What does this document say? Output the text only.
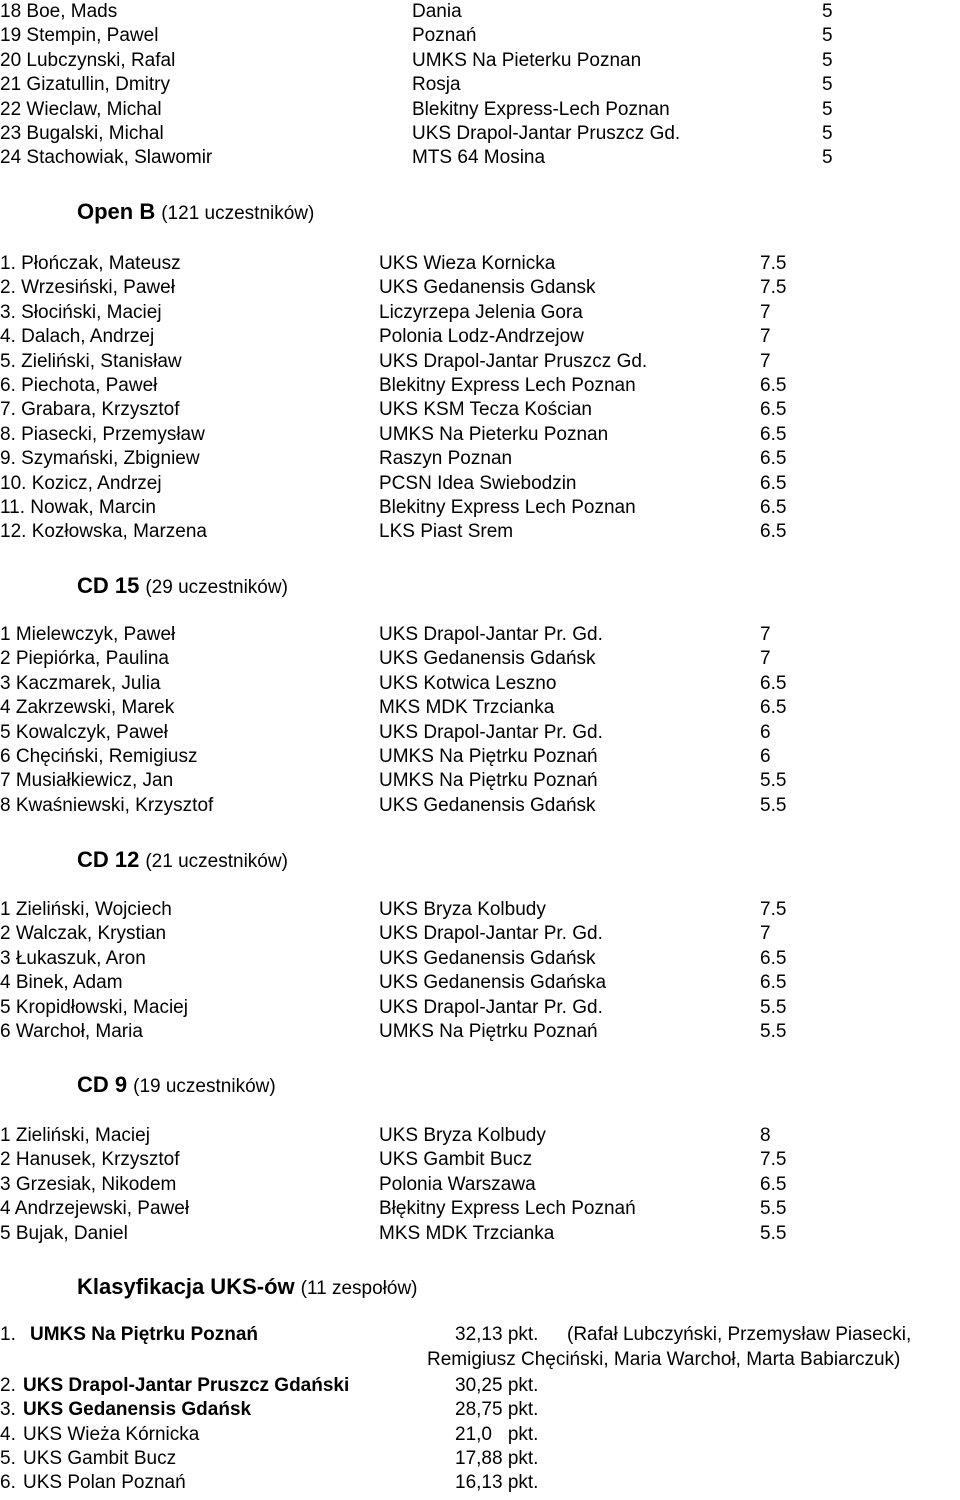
18 Boe, Mads	Dania	5
19 Stempin, Pawel	Poznań	5
20 Lubczynski, Rafal	UMKS Na Pieterku Poznan	5
21 Gizatullin, Dmitry	Rosja	5
22 Wieclaw, Michal	Blekitny Express-Lech Poznan	5
23 Bugalski, Michal	UKS Drapol-Jantar Pruszcz Gd.	5
24 Stachowiak, Slawomir	MTS 64 Mosina	5
Open B (121 uczestników)
1. Płończak, Mateusz	UKS Wieza Kornicka	7.5
2. Wrzesiński, Paweł	UKS Gedanensis Gdansk	7.5
3. Słociński, Maciej	Liczyrzepa Jelenia Gora	7
4. Dalach, Andrzej	Polonia Lodz-Andrzejow	7
5. Zieliński, Stanisław	UKS Drapol-Jantar Pruszcz Gd.	7
6. Piechota, Paweł	Blekitny Express Lech Poznan	6.5
7. Grabara, Krzysztof	UKS KSM Tecza Kościan	6.5
8. Piasecki, Przemysław	UMKS Na Pieterku Poznan	6.5
9. Szymański, Zbigniew	Raszyn Poznan	6.5
10. Kozicz, Andrzej	PCSN Idea Swiebodzin	6.5
11. Nowak, Marcin	Blekitny Express Lech Poznan	6.5
12. Kozłowska, Marzena	LKS Piast Srem	6.5
CD 15 (29 uczestników)
1 Mielewczyk, Paweł	UKS Drapol-Jantar Pr. Gd.	7
2 Piepiórka, Paulina	UKS Gedanensis Gdańsk	7
3 Kaczmarek, Julia	UKS Kotwica Leszno	6.5
4 Zakrzewski, Marek	MKS MDK Trzcianka	6.5
5 Kowalczyk, Paweł	UKS Drapol-Jantar Pr. Gd.	6
6 Chęciński, Remigiusz	UMKS Na Piętrku Poznań	6
7 Musiałkiewicz, Jan	UMKS Na Piętrku Poznań	5.5
8 Kwaśniewski, Krzysztof	UKS Gedanensis Gdańsk	5.5
CD 12 (21 uczestników)
1 Zieliński, Wojciech	UKS Bryza Kolbudy	7.5
2 Walczak, Krystian	UKS Drapol-Jantar Pr. Gd.	7
3 Łukaszuk, Aron	UKS Gedanensis Gdańsk	6.5
4 Binek, Adam	UKS Gedanensis Gdańska	6.5
5 Kropidłowski, Maciej	UKS Drapol-Jantar Pr. Gd.	5.5
6 Warchoł, Maria	UMKS Na Piętrku Poznań	5.5
CD 9 (19 uczestników)
1 Zieliński, Maciej	UKS Bryza Kolbudy	8
2 Hanusek, Krzysztof	UKS Gambit Bucz	7.5
3 Grzesiak, Nikodem	Polonia Warszawa	6.5
4 Andrzejewski, Paweł	Błękitny Express Lech Poznań	5.5
5 Bujak, Daniel	MKS MDK Trzcianka	5.5
Klasyfikacja UKS-ów (11 zespołów)
1. UMKS Na Piętrku Poznań	32,13 pkt. (Rafał Lubczyński, Przemysław Piasecki,
Remigiusz Chęciński, Maria Warchoł, Marta Babiarczuk)
2. UKS Drapol-Jantar Pruszcz Gdański	30,25 pkt.
3. UKS Gedanensis Gdańsk	28,75 pkt.
4. UKS Wieża Kórnicka	21,0   pkt.
5. UKS Gambit Bucz	17,88 pkt.
6. UKS Polan Poznań	16,13 pkt.
